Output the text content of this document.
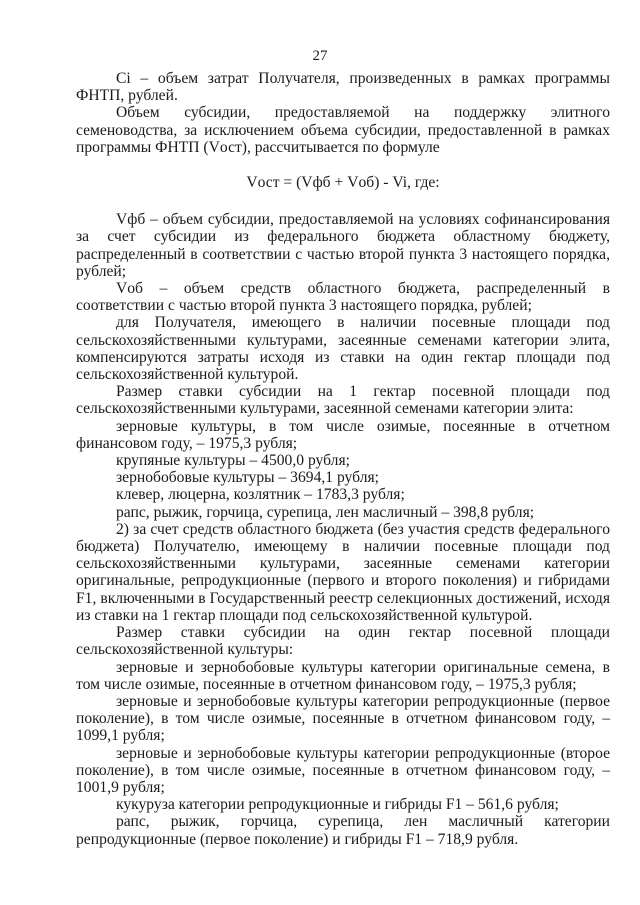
27

Ci – объем затрат Получателя, произведенных в рамках программы ФНТП, рублей.

Объем субсидии, предоставляемой на поддержку элитного семеноводства, за исключением объема субсидии, предоставленной в рамках программы ФНТП (Vост), рассчитывается по формуле

Vост = (Vфб + Vоб) - Vi, где:

Vфб – объем субсидии, предоставляемой на условиях софинансирования за счет субсидии из федерального бюджета областному бюджету, распределенный в соответствии с частью второй пункта 3 настоящего порядка, рублей;

Vоб – объем средств областного бюджета, распределенный в соответствии с частью второй пункта 3 настоящего порядка, рублей;

для Получателя, имеющего в наличии посевные площади под сельскохозяйственными культурами, засеянные семенами категории элита, компенсируются затраты исходя из ставки на один гектар площади под сельскохозяйственной культурой.

Размер ставки субсидии на 1 гектар посевной площади под сельскохозяйственными культурами, засеянной семенами категории элита:

зерновые культуры, в том числе озимые, посеянные в отчетном финансовом году, – 1975,3 рубля;

крупяные культуры – 4500,0 рубля;

зернобобовые культуры – 3694,1 рубля;

клевер, люцерна, козлятник – 1783,3 рубля;

рапс, рыжик, горчица, сурепица, лен масличный – 398,8 рубля;

2) за счет средств областного бюджета (без участия средств федерального бюджета) Получателю, имеющему в наличии посевные площади под сельскохозяйственными культурами, засеянные семенами категории оригинальные, репродукционные (первого и второго поколения) и гибридами F1, включенными в Государственный реестр селекционных достижений, исходя из ставки на 1 гектар площади под сельскохозяйственной культурой.

Размер ставки субсидии на один гектар посевной площади сельскохозяйственной культуры:

зерновые и зернобобовые культуры категории оригинальные семена, в том числе озимые, посеянные в отчетном финансовом году, – 1975,3 рубля;

зерновые и зернобобовые культуры категории репродукционные (первое поколение), в том числе озимые, посеянные в отчетном финансовом году, – 1099,1 рубля;

зерновые и зернобобовые культуры категории репродукционные (второе поколение), в том числе озимые, посеянные в отчетном финансовом году, – 1001,9 рубля;

кукуруза категории репродукционные и гибриды F1 – 561,6 рубля;

рапс, рыжик, горчица, сурепица, лен масличный категории репродукционные (первое поколение) и гибриды F1 – 718,9 рубля.
